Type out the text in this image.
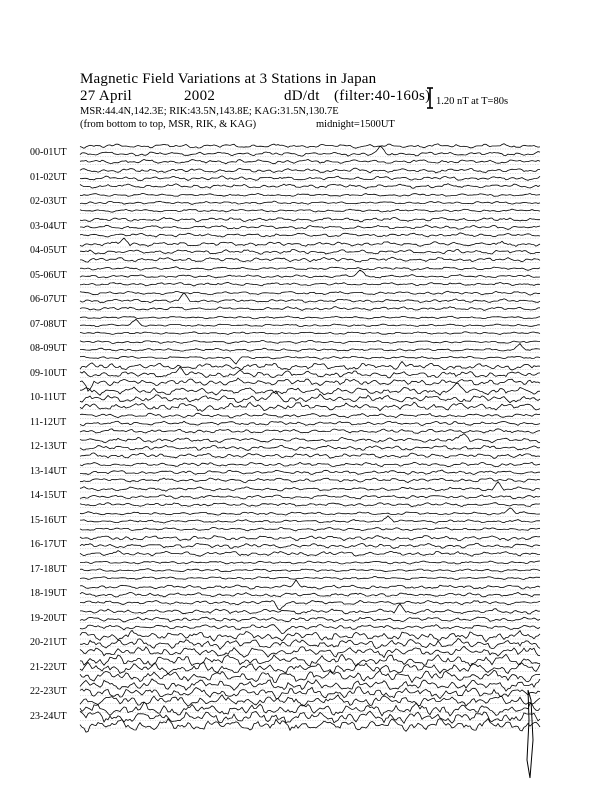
Magnetic Field Variations at 3 Stations in Japan
27 April	2002	dD/dt (filter:40-160s)
MSR:44.4N,142.3E; RIK:43.5N,143.8E; KAG:31.5N,130.7E
(from bottom to top, MSR, RIK, & KAG)	midnight=1500UT
1.20 nT at T=80s
00-01UT
01-02UT
02-03UT
03-04UT
04-05UT
05-06UT
06-07UT
07-08UT
08-09UT
09-10UT
10-11UT
11-12UT
12-13UT
13-14UT
14-15UT
15-16UT
16-17UT
17-18UT
18-19UT
19-20UT
20-21UT
21-22UT
22-23UT
23-24UT
